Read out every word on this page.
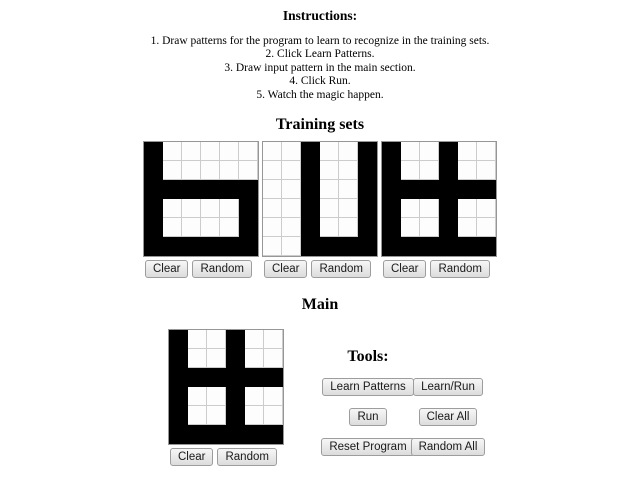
Instructions:

1. Draw patterns for the program to learn to recognize in the training sets.

2. Click Learn Patterns.

3. Draw input pattern in the main section.

4. Click Run.

5. Watch the magic happen.

Training sets
Clear	Random	Clear	Random	Clear	Random
Main
Clear	Random
Tools:
Learn Patterns	Learn/Run
Run	Clear All
Reset Program	Random All
